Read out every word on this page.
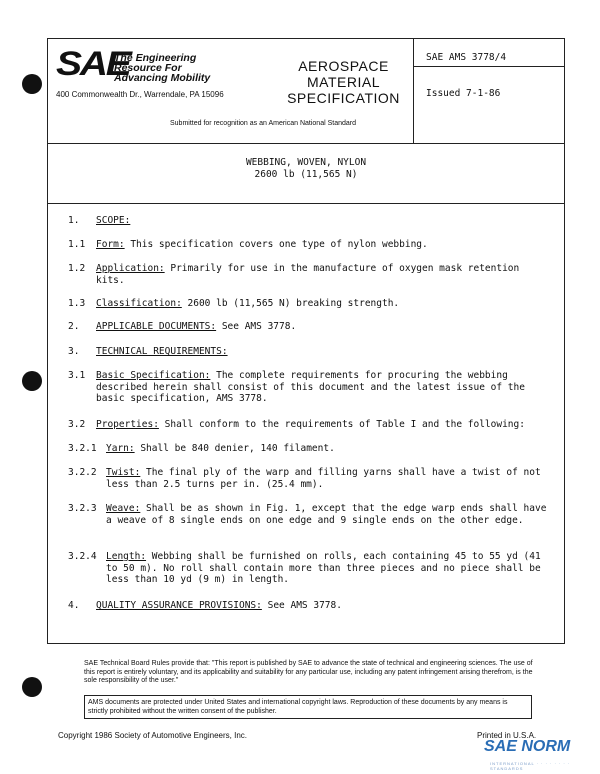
SAE
The Engineering
Resource For
Advancing Mobility
400 Commonwealth Dr., Warrendale, PA 15096
Submitted for recognition as an American National Standard
AEROSPACE
MATERIAL
SPECIFICATION
SAE AMS 3778/4
Issued 7-1-86
WEBBING, WOVEN, NYLON
2600 lb (11,565 N)
1. SCOPE:
1.1 Form: This specification covers one type of nylon webbing.
1.2 Application: Primarily for use in the manufacture of oxygen mask retention kits.
1.3 Classification: 2600 lb (11,565 N) breaking strength.
2. APPLICABLE DOCUMENTS: See AMS 3778.
3. TECHNICAL REQUIREMENTS:
3.1 Basic Specification: The complete requirements for procuring the webbing described herein shall consist of this document and the latest issue of the basic specification, AMS 3778.
3.2 Properties: Shall conform to the requirements of Table I and the following:
3.2.1 Yarn: Shall be 840 denier, 140 filament.
3.2.2 Twist: The final ply of the warp and filling yarns shall have a twist of not less than 2.5 turns per in. (25.4 mm).
3.2.3 Weave: Shall be as shown in Fig. 1, except that the edge warp ends shall have a weave of 8 single ends on one edge and 9 single ends on the other edge.
3.2.4 Length: Webbing shall be furnished on rolls, each containing 45 to 55 yd (41 to 50 m). No roll shall contain more than three pieces and no piece shall be less than 10 yd (9 m) in length.
4. QUALITY ASSURANCE PROVISIONS: See AMS 3778.
SAE Technical Board Rules provide that: "This report is published by SAE to advance the state of technical and engineering sciences. The use of this report is entirely voluntary, and its applicability and suitability for any particular use, including any patent infringement arising therefrom, is the sole responsibility of the user."
AMS documents are protected under United States and international copyright laws. Reproduction of these documents by any means is strictly prohibited without the written consent of the publisher.
Copyright 1986 Society of Automotive Engineers, Inc.	Printed in U.S.A.
SAE NORM
INTERNATIONAL · · · · · · · · STANDARDS
